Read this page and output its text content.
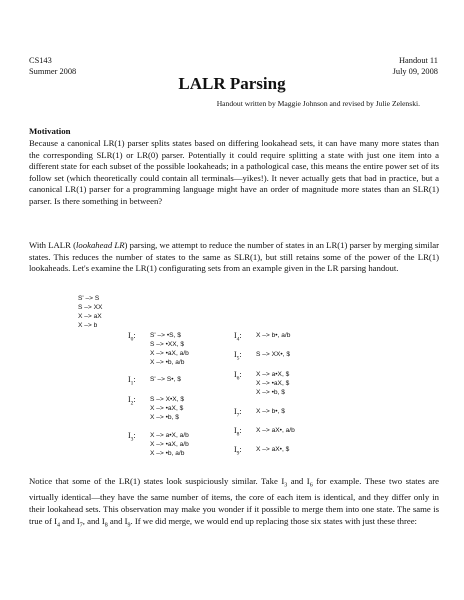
CS143
Summer 2008
Handout 11
July 09, 2008
LALR Parsing
Handout written by Maggie Johnson and revised by Julie Zelenski.
Motivation

Because a canonical LR(1) parser splits states based on differing lookahead sets, it can have many more states than the corresponding SLR(1) or LR(0) parser. Potentially it could require splitting a state with just one item into a different state for each subset of the possible lookaheads; in a pathological case, this means the entire power set of its follow set (which theoretically could contain all terminals—yikes!). It never actually gets that bad in practice, but a canonical LR(1) parser for a programming language might have an order of magnitude more states than an SLR(1) parser. Is there something in between?

With LALR (lookahead LR) parsing, we attempt to reduce the number of states in an LR(1) parser by merging similar states. This reduces the number of states to the same as SLR(1), but still retains some of the power of the LR(1) lookaheads. Let's examine the LR(1) configurating sets from an example given in the LR parsing handout.

S' –> S
S –> XX
X –> aX
X –> b
$I_0$: S' –> •S, $
S –> •XX, $
X –> •aX, a/b
X –> •b, a/b
$I_1$: S' –> S•, $
$I_2$: S –> X•X, $
X –> •aX, $
X –> •b, $
$I_3$: X –> a•X, a/b
X –> •aX, a/b
X –> •b, a/b
$I_4$: X –> b•, a/b
$I_5$: S –> XX•, $
$I_6$: X –> a•X, $
X –> •aX, $
X –> •b, $
$I_7$: X –> b•, $
$I_8$: X –> aX•, a/b
$I_9$: X –> aX•, $

Notice that some of the LR(1) states look suspiciously similar. Take $I_3$ and $I_6$ for example. These two states are virtually identical—they have the same number of items, the core of each item is identical, and they differ only in their lookahead sets. This observation may make you wonder if it possible to merge them into one state. The same is true of $I_4$ and $I_7$, and $I_8$ and $I_9$. If we did merge, we would end up replacing those six states with just these three:
